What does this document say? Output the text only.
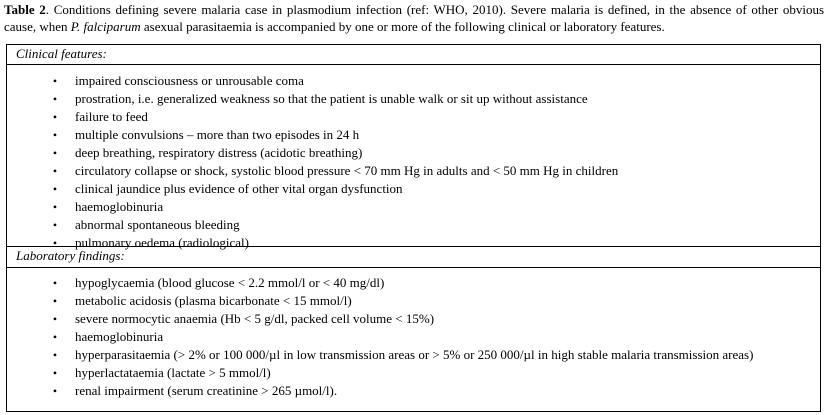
Table 2. Conditions defining severe malaria case in plasmodium infection (ref: WHO, 2010). Severe malaria is defined, in the absence of other obvious cause, when P. falciparum asexual parasitaemia is accompanied by one or more of the following clinical or laboratory features.
Clinical features:
• impaired consciousness or unrousable coma
• prostration, i.e. generalized weakness so that the patient is unable walk or sit up without assistance
• failure to feed
• multiple convulsions – more than two episodes in 24 h
• deep breathing, respiratory distress (acidotic breathing)
• circulatory collapse or shock, systolic blood pressure < 70 mm Hg in adults and < 50 mm Hg in children
• clinical jaundice plus evidence of other vital organ dysfunction
• haemoglobinuria
• abnormal spontaneous bleeding
• pulmonary oedema (radiological)
Laboratory findings:
• hypoglycaemia (blood glucose < 2.2 mmol/l or < 40 mg/dl)
• metabolic acidosis (plasma bicarbonate < 15 mmol/l)
• severe normocytic anaemia (Hb < 5 g/dl, packed cell volume < 15%)
• haemoglobinuria
• hyperparasitaemia (> 2% or 100 000/µl in low transmission areas or > 5% or 250 000/µl in high stable malaria transmission areas)
• hyperlactataemia (lactate > 5 mmol/l)
• renal impairment (serum creatinine > 265 µmol/l).
